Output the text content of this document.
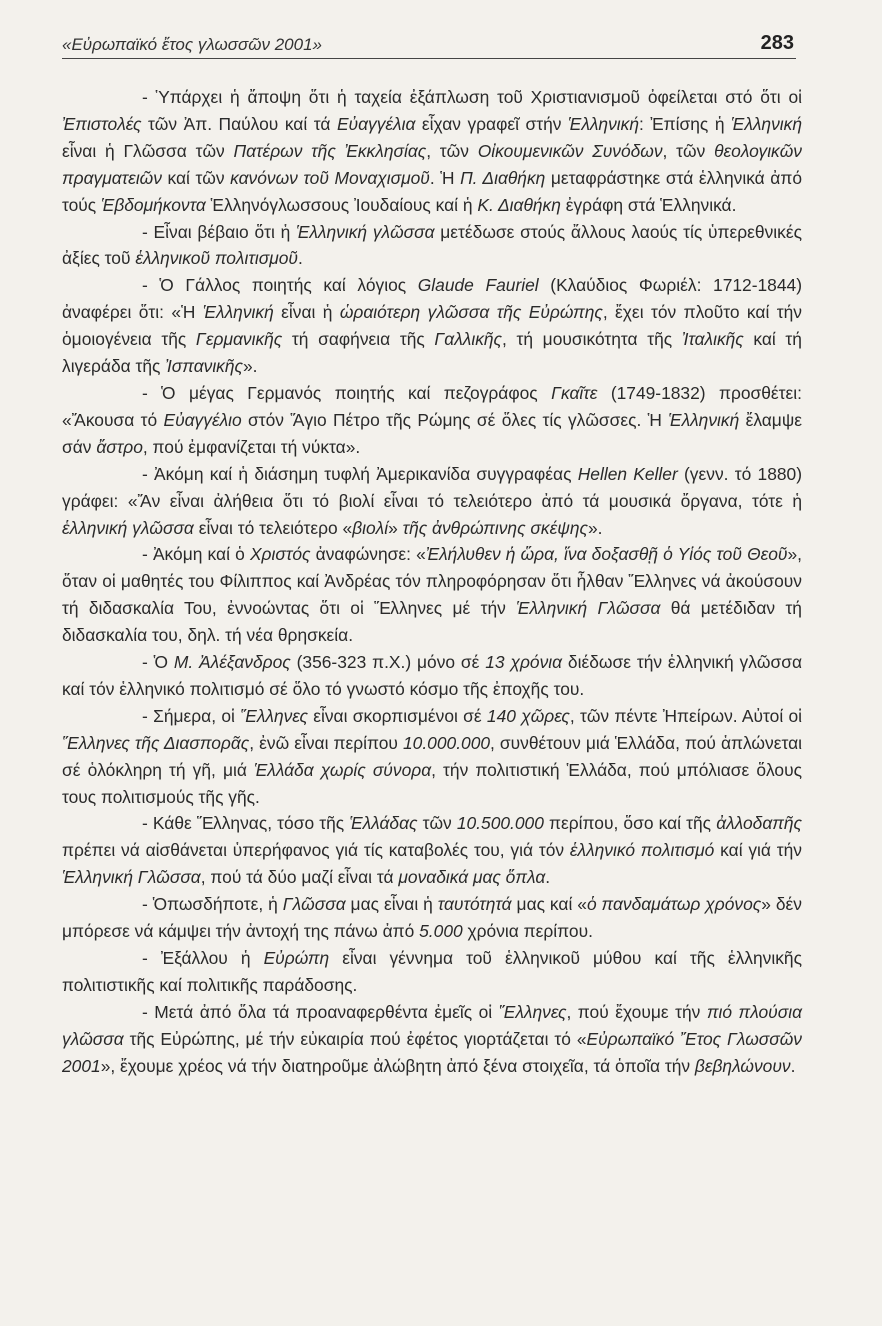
«Εὐρωπαϊκό ἔτος γλωσσῶν 2001»	283

- Ὑπάρχει ἡ ἄποψη ὅτι ἡ ταχεία ἐξάπλωση τοῦ Χριστιανισμοῦ ὀφείλεται στό ὅτι οἱ Ἐπιστολές τῶν Ἀπ. Παύλου καί τά Εὐαγγέλια εἶχαν γραφεῖ στήν Ἑλληνική: Ἐπίσης ἡ Ἑλληνική εἶναι ἡ Γλῶσσα τῶν Πατέρων τῆς Ἐκκλησίας, τῶν Οἰκουμενικῶν Συνόδων, τῶν θεολογικῶν πραγματειῶν καί τῶν κανόνων τοῦ Μοναχισμοῦ. Ἡ Π. Διαθήκη μεταφράστηκε στά ἑλληνικά ἀπό τούς Ἑβδομήκοντα Ἑλληνόγλωσσους Ἰουδαίους καί ἡ Κ. Διαθήκη ἐγράφη στά Ἑλληνικά.

- Εἶναι βέβαιο ὅτι ἡ Ἑλληνική γλῶσσα μετέδωσε στούς ἄλλους λαούς τίς ὑπερεθνικές ἀξίες τοῦ ἑλληνικοῦ πολιτισμοῦ.

- Ὁ Γάλλος ποιητής καί λόγιος Glaude Fauriel (Κλαύδιος Φωριέλ: 1712-1844) ἀναφέρει ὅτι: «Ἡ Ἑλληνική εἶναι ἡ ὡραιότερη γλῶσσα τῆς Εὐρώπης, ἔχει τόν πλοῦτο καί τήν ὁμοιογένεια τῆς Γερμανικῆς τή σαφήνεια τῆς Γαλλικῆς, τή μουσικότητα τῆς Ἰταλικῆς καί τή λιγεράδα τῆς Ἰσπανικῆς».

- Ὁ μέγας Γερμανός ποιητής καί πεζογράφος Γκαῖτε (1749-1832) προσθέτει: «Ἄκουσα τό Εὐαγγέλιο στόν Ἅγιο Πέτρο τῆς Ρώμης σέ ὅλες τίς γλῶσσες. Ἡ Ἑλληνική ἔλαμψε σάν ἄστρο, πού ἐμφανίζεται τή νύκτα».

- Ἀκόμη καί ἡ διάσημη τυφλή Ἀμερικανίδα συγγραφέας Hellen Keller (γενν. τό 1880) γράφει: «Ἄν εἶναι ἀλήθεια ὅτι τό βιολί εἶναι τό τελειότερο ἀπό τά μουσικά ὄργανα, τότε ἡ ἑλληνική γλῶσσα εἶναι τό τελειότερο «βιολί» τῆς ἀνθρώπινης σκέψης».

- Ἀκόμη καί ὁ Χριστός ἀναφώνησε: «Ἐλήλυθεν ἡ ὥρα, ἵνα δοξασθῇ ὁ Υἱός τοῦ Θεοῦ», ὅταν οἱ μαθητές του Φίλιππος καί Ἀνδρέας τόν πληροφόρησαν ὅτι ἦλθαν Ἕλληνες νά ἀκούσουν τή διδασκαλία Του, ἐννοώντας ὅτι οἱ Ἕλληνες μέ τήν Ἑλληνική Γλῶσσα θά μετέδιδαν τή διδασκαλία του, δηλ. τή νέα θρησκεία.

- Ὁ Μ. Ἀλέξανδρος (356-323 π.Χ.) μόνο σέ 13 χρόνια διέδωσε τήν ἑλληνική γλῶσσα καί τόν ἑλληνικό πολιτισμό σέ ὅλο τό γνωστό κόσμο τῆς ἐποχῆς του.

- Σήμερα, οἱ Ἕλληνες εἶναι σκορπισμένοι σέ 140 χῶρες, τῶν πέντε Ἠπείρων. Αὐτοί οἱ Ἕλληνες τῆς Διασπορᾶς, ἐνῶ εἶναι περίπου 10.000.000, συνθέτουν μιά Ἑλλάδα, πού ἁπλώνεται σέ ὁλόκληρη τή γῆ, μιά Ἑλλάδα χωρίς σύνορα, τήν πολιτιστική Ἑλλάδα, πού μπόλιασε ὅλους τους πολιτισμούς τῆς γῆς.

- Κάθε Ἕλληνας, τόσο τῆς Ἑλλάδας τῶν 10.500.000 περίπου, ὅσο καί τῆς ἀλλοδαπῆς πρέπει νά αἰσθάνεται ὑπερήφανος γιά τίς καταβολές του, γιά τόν ἑλληνικό πολιτισμό καί γιά τήν Ἑλληνική Γλῶσσα, πού τά δύο μαζί εἶναι τά μοναδικά μας ὅπλα.

- Ὁπωσδήποτε, ἡ Γλῶσσα μας εἶναι ἡ ταυτότητά μας καί «ὁ πανδαμάτωρ χρόνος» δέν μπόρεσε νά κάμψει τήν ἀντοχή της πάνω ἀπό 5.000 χρόνια περίπου.

- Ἐξάλλου ἡ Εὐρώπη εἶναι γέννημα τοῦ ἑλληνικοῦ μύθου καί τῆς ἑλληνικῆς πολιτιστικῆς καί πολιτικῆς παράδοσης.

- Μετά ἀπό ὅλα τά προαναφερθέντα ἐμεῖς οἱ Ἕλληνες, πού ἔχουμε τήν πιό πλούσια γλῶσσα τῆς Εὐρώπης, μέ τήν εὐκαιρία πού ἐφέτος γιορτάζεται τό «Εὐρωπαϊκό Ἔτος Γλωσσῶν 2001», ἔχουμε χρέος νά τήν διατηροῦμε ἀλώβητη ἀπό ξένα στοιχεῖα, τά ὁποῖα τήν βεβηλώνουν.
